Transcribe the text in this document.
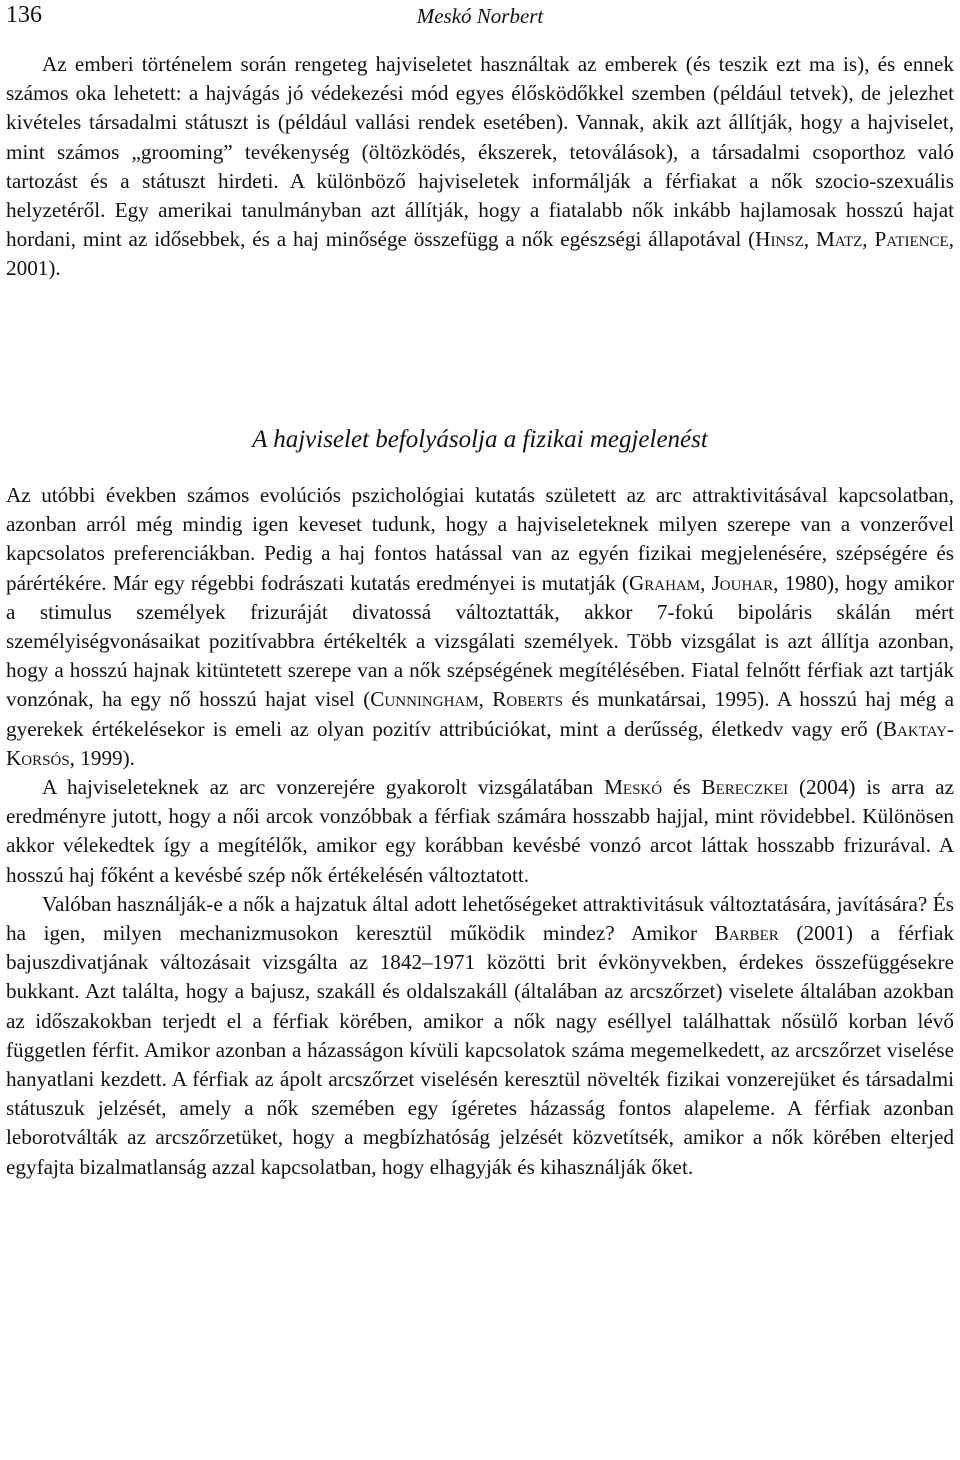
136	Meskó Norbert

Az emberi történelem során rengeteg hajviseletet használtak az emberek (és teszik ezt ma is), és ennek számos oka lehetett: a hajvágás jó védekezési mód egyes élősködőkkel szemben (például tetvek), de jelezhet kivételes társadalmi státuszt is (például vallási rendek esetében). Vannak, akik azt állítják, hogy a hajviselet, mint számos „grooming” tevékenység (öltözködés, ékszerek, tetoválások), a társadalmi csoporthoz való tartozást és a státuszt hirdeti. A különböző hajviseletek informálják a férfiakat a nők szocio-szexuális helyzetéről. Egy amerikai tanulmányban azt állítják, hogy a fiatalabb nők inkább hajlamosak hosszú hajat hordani, mint az idősebbek, és a haj minősége összefügg a nők egészségi állapotával (Hinsz, Matz, Patience, 2001).

A hajviselet befolyásolja a fizikai megjelenést

Az utóbbi években számos evolúciós pszichológiai kutatás született az arc attraktivitásával kapcsolatban, azonban arról még mindig igen keveset tudunk, hogy a hajviseleteknek milyen szerepe van a vonzerővel kapcsolatos preferenciákban. Pedig a haj fontos hatással van az egyén fizikai megjelenésére, szépségére és párértékére. Már egy régebbi fodrászati kutatás eredményei is mutatják (Graham, Jouhar, 1980), hogy amikor a stimulus személyek frizuráját divatossá változtatták, akkor 7-fokú bipoláris skálán mért személyiségvonásaikat pozitívabbra értékelték a vizsgálati személyek. Több vizsgálat is azt állítja azonban, hogy a hosszú hajnak kitüntetett szerepe van a nők szépségének megítélésében. Fiatal felnőtt férfiak azt tartják vonzónak, ha egy nő hosszú hajat visel (Cunningham, Roberts és munkatársai, 1995). A hosszú haj még a gyerekek értékelésekor is emeli az olyan pozitív attribúciókat, mint a derűsség, életkedv vagy erő (Baktay-Korsós, 1999).

A hajviseleteknek az arc vonzerejére gyakorolt vizsgálatában Meskó és Bereczkei (2004) is arra az eredményre jutott, hogy a női arcok vonzóbbak a férfiak számára hosszabb hajjal, mint rövidebbel. Különösen akkor vélekedtek így a megítélők, amikor egy korábban kevésbé vonzó arcot láttak hosszabb frizurával. A hosszú haj főként a kevésbé szép nők értékelésén változtatott.

Valóban használják-e a nők a hajzatuk által adott lehetőségeket attraktivitásuk változtatására, javítására? És ha igen, milyen mechanizmusokon keresztül működik mindez? Amikor Barber (2001) a férfiak bajuszdivatjának változásait vizsgálta az 1842–1971 közötti brit évkönyvekben, érdekes összefüggésekre bukkant. Azt találta, hogy a bajusz, szakáll és oldalszakáll (általában az arcszőrzet) viselete általában azokban az időszakokban terjedt el a férfiak körében, amikor a nők nagy eséllyel találhattak nősülő korban lévő független férfit. Amikor azonban a házasságon kívüli kapcsolatok száma megemelkedett, az arcszőrzet viselése hanyatlani kezdett. A férfiak az ápolt arcszőrzet viselésén keresztül növelték fizikai vonzerejüket és társadalmi státuszuk jelzését, amely a nők szemében egy ígéretes házasság fontos alapeleme. A férfiak azonban leborotválták az arcszőrzetüket, hogy a megbízhatóság jelzését közvetítsék, amikor a nők körében elterjed egyfajta bizalmatlanság azzal kapcsolatban, hogy elhagyják és kihasználják őket.
